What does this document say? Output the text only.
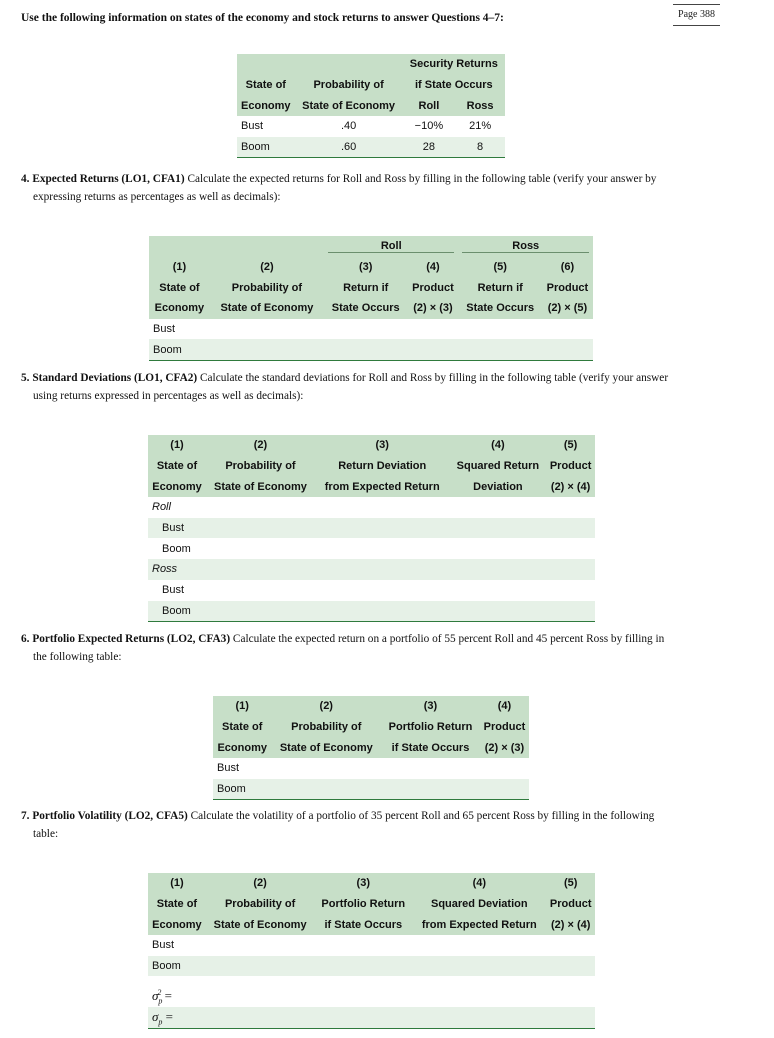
Page 388
Use the following information on states of the economy and stock returns to answer Questions 4–7:
		Security Returns	
State of	Probability of	if State Occurs	
Economy	State of Economy	Roll	Ross
Bust	.40	−10%	21%
Boom	.60	28	8
4. Expected Returns (LO1, CFA1) Calculate the expected returns for Roll and Ross by filling in the following table (verify your answer by
expressing returns as percentages as well as decimals):

		Roll		Ross	

(1)	(2)	(3)	(4)	(5)	(6)
State of	Probability of	Return if	Product	Return if	Product
Economy	State of Economy	State Occurs	(2) × (3)	State Occurs	(2) × (5)
Bust					
Boom					
5. Standard Deviations (LO1, CFA2) Calculate the standard deviations for Roll and Ross by filling in the following table (verify your answer
using returns expressed in percentages as well as decimals):
(1)	(2)	(3)	(4)	(5)
State of	Probability of	Return Deviation	Squared Return	Product
Economy	State of Economy	from Expected Return	Deviation	(2) × (4)
Roll				
Bust				
Boom				
Ross				
Bust				
Boom				
6. Portfolio Expected Returns (LO2, CFA3) Calculate the expected return on a portfolio of 55 percent Roll and 45 percent Ross by filling in
the following table:
(1)	(2)	(3)	(4)
State of	Probability of	Portfolio Return	Product
Economy	State of Economy	if State Occurs	(2) × (3)
Bust			
Boom			
7. Portfolio Volatility (LO2, CFA5) Calculate the volatility of a portfolio of 35 percent Roll and 65 percent Ross by filling in the following
table:
(1)	(2)	(3)	(4)	(5)
State of	Probability of	Portfolio Return	Squared Deviation	Product
Economy	State of Economy	if State Occurs	from Expected Return	(2) × (4)
Bust				
Boom				

$\sigma_p^2$ =				
$\sigma_p$ =				
